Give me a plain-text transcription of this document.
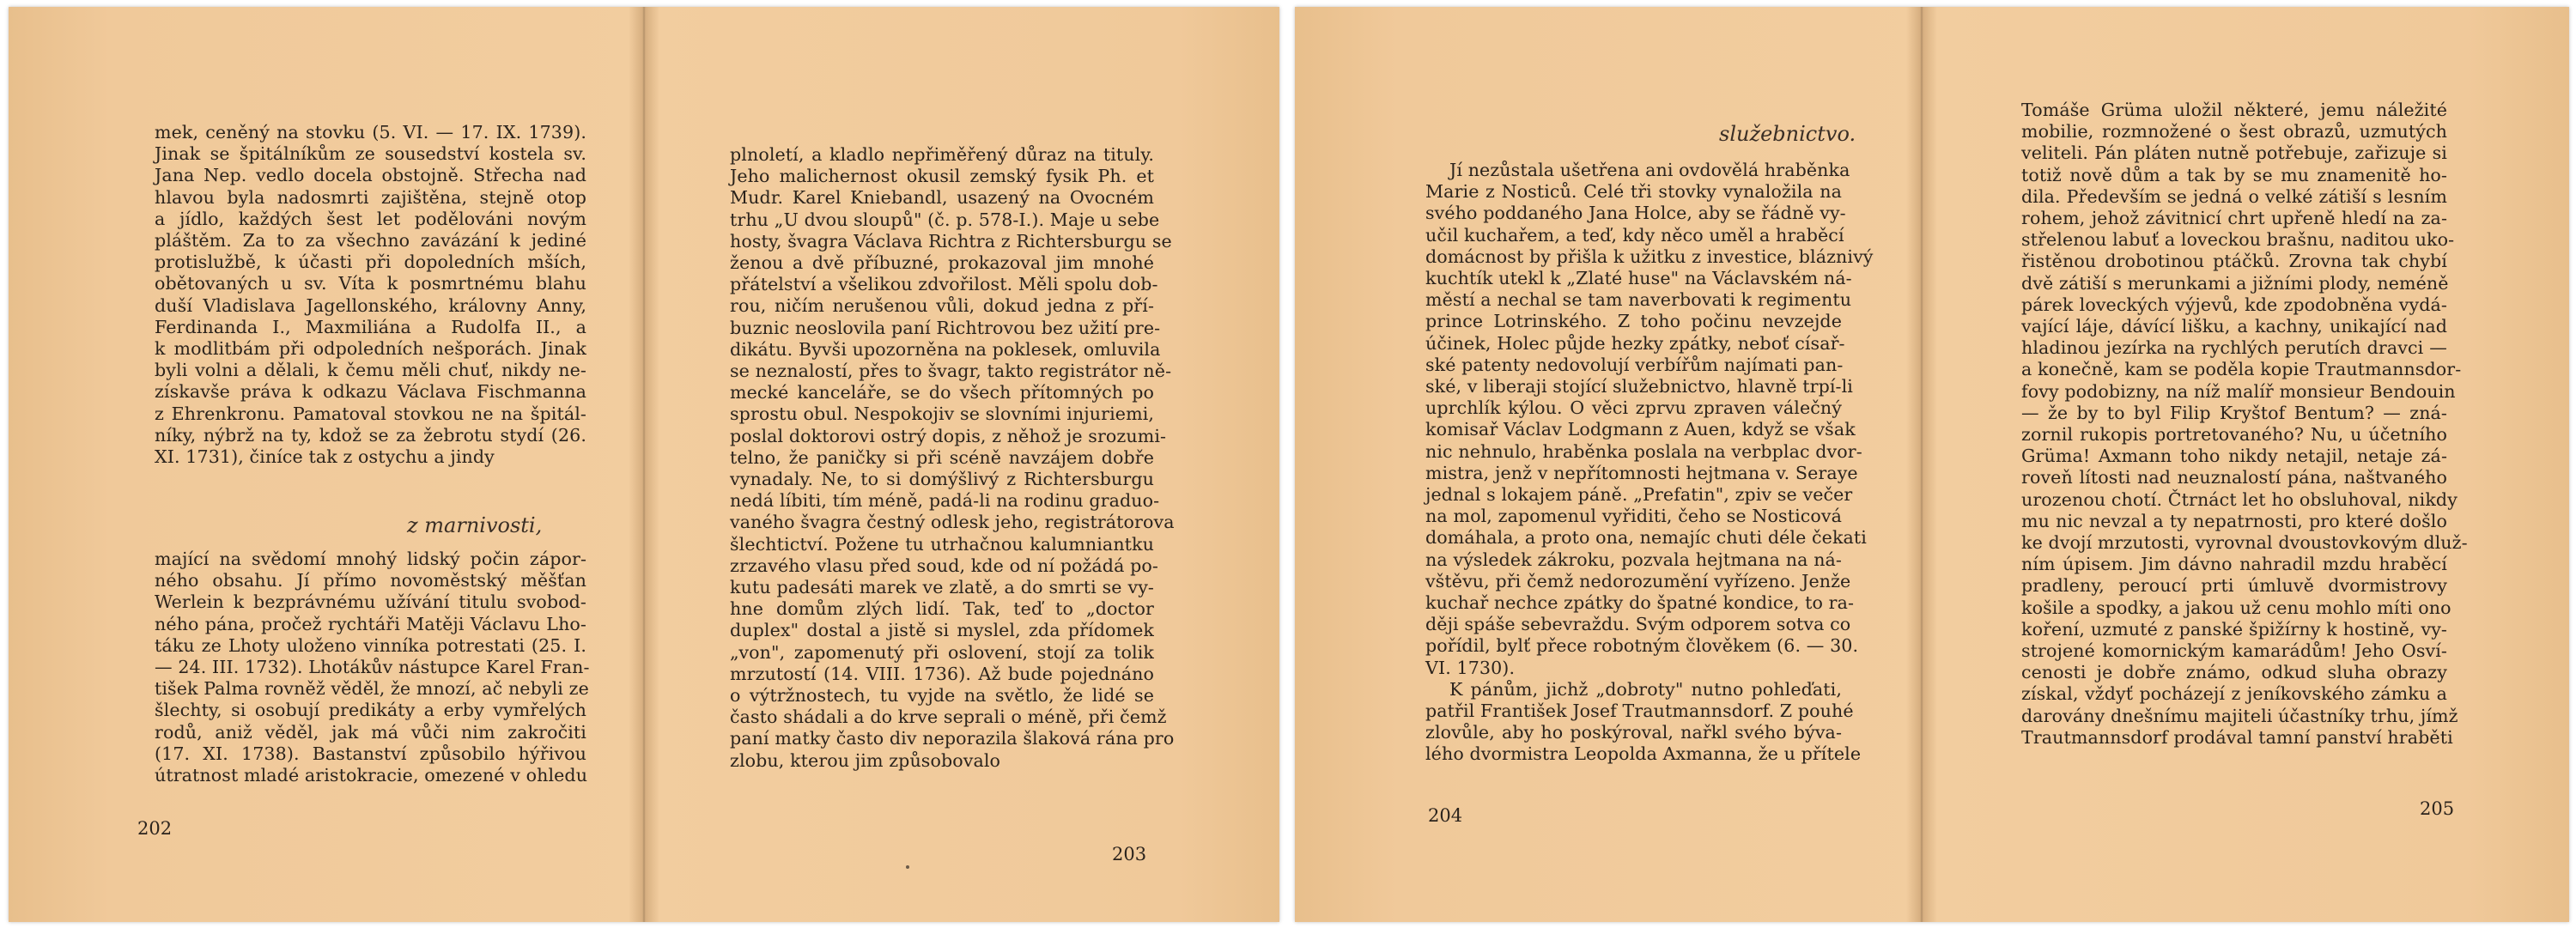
mek, ceněný na stovku (5. VI. — 17. IX. 1739).
Jinak se špitálníkům ze sousedství kostela sv.
Jana Nep. vedlo docela obstojně. Střecha nad
hlavou byla nadosmrti zajištěna, stejně otop
a jídlo, každých šest let podělováni novým
pláštěm. Za to za všechno zavázání k jediné
protislužbě, k účasti při dopoledních mších,
obětovaných u sv. Víta k posmrtnému blahu
duší Vladislava Jagellonského, královny Anny,
Ferdinanda I., Maxmiliána a Rudolfa II., a
k modlitbám při odpoledních nešporách. Jinak
byli volni a dělali, k čemu měli chuť, nikdy ne-
získavše práva k odkazu Václava Fischmanna
z Ehrenkronu. Pamatoval stovkou ne na špitál-
níky, nýbrž na ty, kdož se za žebrotu stydí (26.
XI. 1731), činíce tak z ostychu a jindy
z marnivosti,
mající na svědomí mnohý lidský počin zápor-
ného obsahu. Jí přímo novoměstský měšťan
Werlein k bezprávnému užívání titulu svobod-
ného pána, pročež rychtáři Matěji Václavu Lho-
táku ze Lhoty uloženo vinníka potrestati (25. I.
— 24. III. 1732). Lhotákův nástupce Karel Fran-
tišek Palma rovněž věděl, že mnozí, ač nebyli ze
šlechty, si osobují predikáty a erby vymřelých
rodů, aniž věděl, jak má vůči nim zakročiti
(17. XI. 1738). Bastanství způsobilo hýřivou
útratnost mladé aristokracie, omezené v ohledu
202
plnoletí, a kladlo nepřiměřený důraz na tituly.
Jeho malichernost okusil zemský fysik Ph. et
Mudr. Karel Kniebandl, usazený na Ovocném
trhu „U dvou sloupů" (č. p. 578-I.). Maje u sebe
hosty, švagra Václava Richtra z Richtersburgu se
ženou a dvě příbuzné, prokazoval jim mnohé
přátelství a všelikou zdvořilost. Měli spolu dob-
rou, ničím nerušenou vůli, dokud jedna z pří-
buznic neoslovila paní Richtrovou bez užití pre-
dikátu. Byvši upozorněna na poklesek, omluvila
se neznalostí, přes to švagr, takto registrátor ně-
mecké kanceláře, se do všech přítomných po
sprostu obul. Nespokojiv se slovními injuriemi,
poslal doktorovi ostrý dopis, z něhož je srozumi-
telno, že paničky si při scéně navzájem dobře
vynadaly. Ne, to si domýšlivý z Richtersburgu
nedá líbiti, tím méně, padá-li na rodinu graduo-
vaného švagra čestný odlesk jeho, registrátorova
šlechtictví. Požene tu utrhačnou kalumniantku
zrzavého vlasu před soud, kde od ní požádá po-
kutu padesáti marek ve zlatě, a do smrti se vy-
hne domům zlých lidí. Tak, teď to „doctor
duplex" dostal a jistě si myslel, zda přídomek
„von", zapomenutý při oslovení, stojí za tolik
mrzutostí (14. VIII. 1736). Až bude pojednáno
o výtržnostech, tu vyjde na světlo, že lidé se
často shádali a do krve seprali o méně, při čemž
paní matky často div neporazila šlaková rána pro
zlobu, kterou jim způsobovalo
203
služebnictvo.
Jí nezůstala ušetřena ani ovdovělá hraběnka
Marie z Nosticů. Celé tři stovky vynaložila na
svého poddaného Jana Holce, aby se řádně vy-
učil kuchařem, a teď, kdy něco uměl a hraběcí
domácnost by přišla k užitku z investice, bláznivý
kuchtík utekl k „Zlaté huse" na Václavském ná-
městí a nechal se tam naverbovati k regimentu
prince Lotrinského. Z toho počinu nevzejde
účinek, Holec půjde hezky zpátky, neboť císař-
ské patenty nedovolují verbířům najímati pan-
ské, v liberaji stojící služebnictvo, hlavně trpí-li
uprchlík kýlou. O věci zprvu zpraven válečný
komisař Václav Lodgmann z Auen, když se však
nic nehnulo, hraběnka poslala na verbplac dvor-
mistra, jenž v nepřítomnosti hejtmana v. Seraye
jednal s lokajem páně. „Prefatin", zpiv se večer
na mol, zapomenul vyřiditi, čeho se Nosticová
domáhala, a proto ona, nemajíc chuti déle čekati
na výsledek zákroku, pozvala hejtmana na ná-
vštěvu, při čemž nedorozumění vyřízeno. Jenže
kuchař nechce zpátky do špatné kondice, to ra-
ději spáše sebevraždu. Svým odporem sotva co
pořídil, bylť přece robotným člověkem (6. — 30.
VI. 1730).
K pánům, jichž „dobroty" nutno pohleďati,
patřil František Josef Trautmannsdorf. Z pouhé
zlovůle, aby ho poskýroval, nařkl svého býva-
lého dvormistra Leopolda Axmanna, že u přítele
204
Tomáše Grüma uložil některé, jemu náležité
mobilie, rozmnožené o šest obrazů, uzmutých
veliteli. Pán pláten nutně potřebuje, zařizuje si
totiž nově dům a tak by se mu znamenitě ho-
dila. Především se jedná o velké zátiší s lesním
rohem, jehož závitnicí chrt upřeně hledí na za-
střelenou labuť a loveckou brašnu, naditou uko-
řistěnou drobotinou ptáčků. Zrovna tak chybí
dvě zátiší s merunkami a jižními plody, neméně
párek loveckých výjevů, kde zpodobněna vydá-
vající láje, dávící lišku, a kachny, unikající nad
hladinou jezírka na rychlých perutích dravci —
a konečně, kam se poděla kopie Trautmannsdor-
fovy podobizny, na níž malíř monsieur Bendouin
— že by to byl Filip Kryštof Bentum? — zná-
zornil rukopis portretovaného? Nu, u účetního
Grüma! Axmann toho nikdy netajil, netaje zá-
roveň lítosti nad neuznalostí pána, naštvaného
urozenou chotí. Čtrnáct let ho obsluhoval, nikdy
mu nic nevzal a ty nepatrnosti, pro které došlo
ke dvojí mrzutosti, vyrovnal dvoustovkovým dluž-
ním úpisem. Jim dávno nahradil mzdu hraběcí
pradleny, peroucí prti úmluvě dvormistrovy
košile a spodky, a jakou už cenu mohlo míti ono
koření, uzmuté z panské špižírny k hostině, vy-
strojené komornickým kamarádům! Jeho Osví-
cenosti je dobře známo, odkud sluha obrazy
získal, vždyť pocházejí z jeníkovského zámku a
darovány dnešnímu majiteli účastníky trhu, jímž
Trautmannsdorf prodával tamní panství hraběti
205
